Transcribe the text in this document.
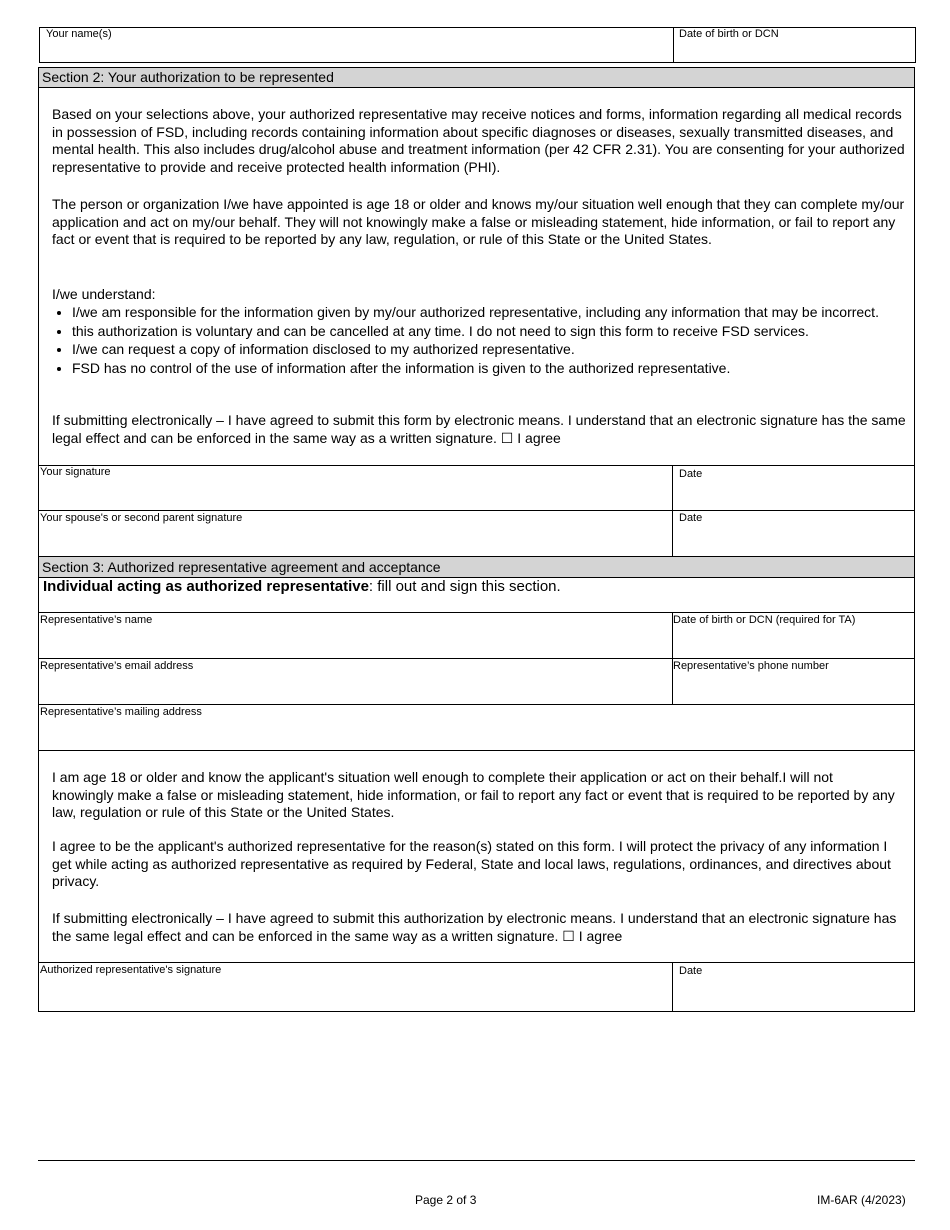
Your name(s)	Date of birth or DCN
Section 2: Your authorization to be represented

Based on your selections above, your authorized representative may receive notices and forms, information regarding all medical records in possession of FSD, including records containing information about specific diagnoses or diseases, sexually transmitted diseases, and mental health. This also includes drug/alcohol abuse and treatment information (per 42 CFR 2.31). You are consenting for your authorized representative to provide and receive protected health information (PHI).

The person or organization I/we have appointed is age 18 or older and knows my/our situation well enough that they can complete my/our application and act on my/our behalf. They will not knowingly make a false or misleading statement, hide information, or fail to report any fact or event that is required to be reported by any law, regulation, or rule of this State or the United States.

I/we understand:

• I/we am responsible for the information given by my/our authorized representative, including any information that may be incorrect.
• this authorization is voluntary and can be cancelled at any time. I do not need to sign this form to receive FSD services.
• I/we can request a copy of information disclosed to my authorized representative.
• FSD has no control of the use of information after the information is given to the authorized representative.

If submitting electronically – I have agreed to submit this form by electronic means. I understand that an electronic signature has the same legal effect and can be enforced in the same way as a written signature. ☐ I agree

Your signature	Date
Your spouse's or second parent signature	Date
Section 3: Authorized representative agreement and acceptance
Individual acting as authorized representative: fill out and sign this section.
Representative’s name	Date of birth or DCN (required for TA)
Representative’s email address	Representative’s phone number
Representative’s mailing address

I am age 18 or older and know the applicant's situation well enough to complete their application or act on their behalf.I will not knowingly make a false or misleading statement, hide information, or fail to report any fact or event that is required to be reported by any law, regulation or rule of this State or the United States.

I agree to be the applicant's authorized representative for the reason(s) stated on this form. I will protect the privacy of any information I get while acting as authorized representative as required by Federal, State and local laws, regulations, ordinances, and directives about privacy.

If submitting electronically – I have agreed to submit this authorization by electronic means. I understand that an electronic signature has the same legal effect and can be enforced in the same way as a written signature. ☐ I agree

Authorized representative's signature	Date
Page 2 of 3	IM-6AR (4/2023)
